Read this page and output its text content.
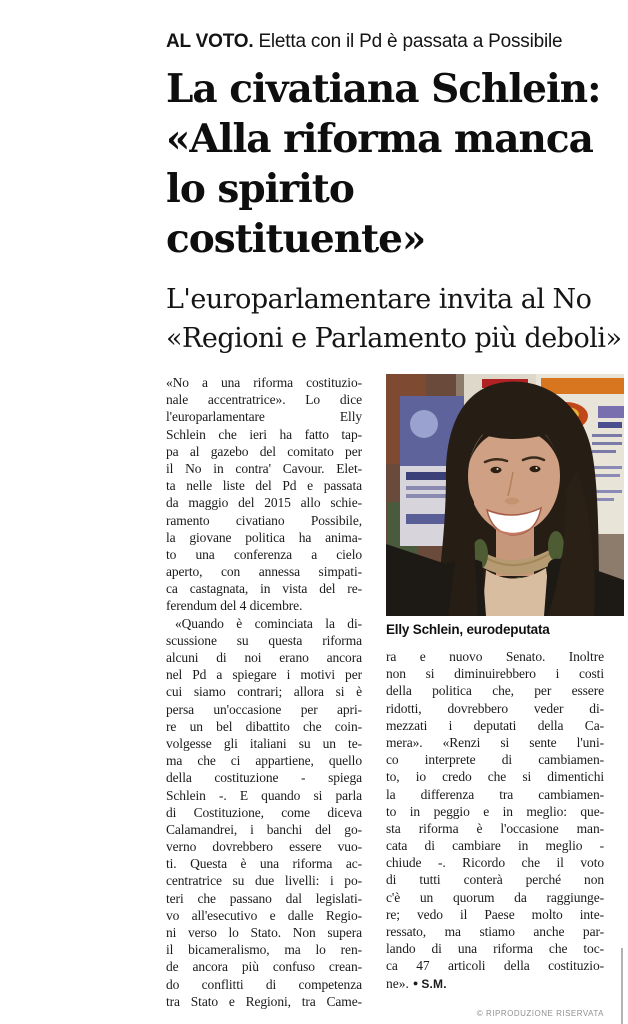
AL VOTO. Eletta con il Pd è passata a Possibile
La civatiana Schlein:
«Alla riforma manca
lo spirito costituente»
L'europarlamentare invita al No
«Regioni e Parlamento più deboli»
«No a una riforma costituzio-
nale accentratrice». Lo dice
l'europarlamentare Elly
Schlein che ieri ha fatto tap-
pa al gazebo del comitato per
il No in contra' Cavour. Elet-
ta nelle liste del Pd e passata
da maggio del 2015 allo schie-
ramento civatiano Possibile,
la giovane politica ha anima-
to una conferenza a cielo
aperto, con annessa simpati-
ca castagnata, in vista del re-
ferendum del 4 dicembre.
«Quando è cominciata la di-
scussione su questa riforma
alcuni di noi erano ancora
nel Pd a spiegare i motivi per
cui siamo contrari; allora si è
persa un'occasione per apri-
re un bel dibattito che coin-
volgesse gli italiani su un te-
ma che ci appartiene, quello
della costituzione - spiega
Schlein -. E quando si parla
di Costituzione, come diceva
Calamandrei, i banchi del go-
verno dovrebbero essere vuo-
ti. Questa è una riforma ac-
centratrice su due livelli: i po-
teri che passano dal legislati-
vo all'esecutivo e dalle Regio-
ni verso lo Stato. Non supera
il bicameralismo, ma lo ren-
de ancora più confuso crean-
do conflitti di competenza
tra Stato e Regioni, tra Came-
Elly Schlein, eurodeputata
ra e nuovo Senato. Inoltre
non si diminuirebbero i costi
della politica che, per essere
ridotti, dovrebbero veder di-
mezzati i deputati della Ca-
mera». «Renzi si sente l'uni-
co interprete di cambiamen-
to, io credo che si dimentichi
la differenza tra cambiamen-
to in peggio e in meglio: que-
sta riforma è l'occasione man-
cata di cambiare in meglio -
chiude -. Ricordo che il voto
di tutti conterà perché non
c'è un quorum da raggiunge-
re; vedo il Paese molto inte-
ressato, ma stiamo anche par-
lando di una riforma che toc-
ca 47 articoli della costituzio-
ne». ● S.M.
© RIPRODUZIONE RISERVATA
